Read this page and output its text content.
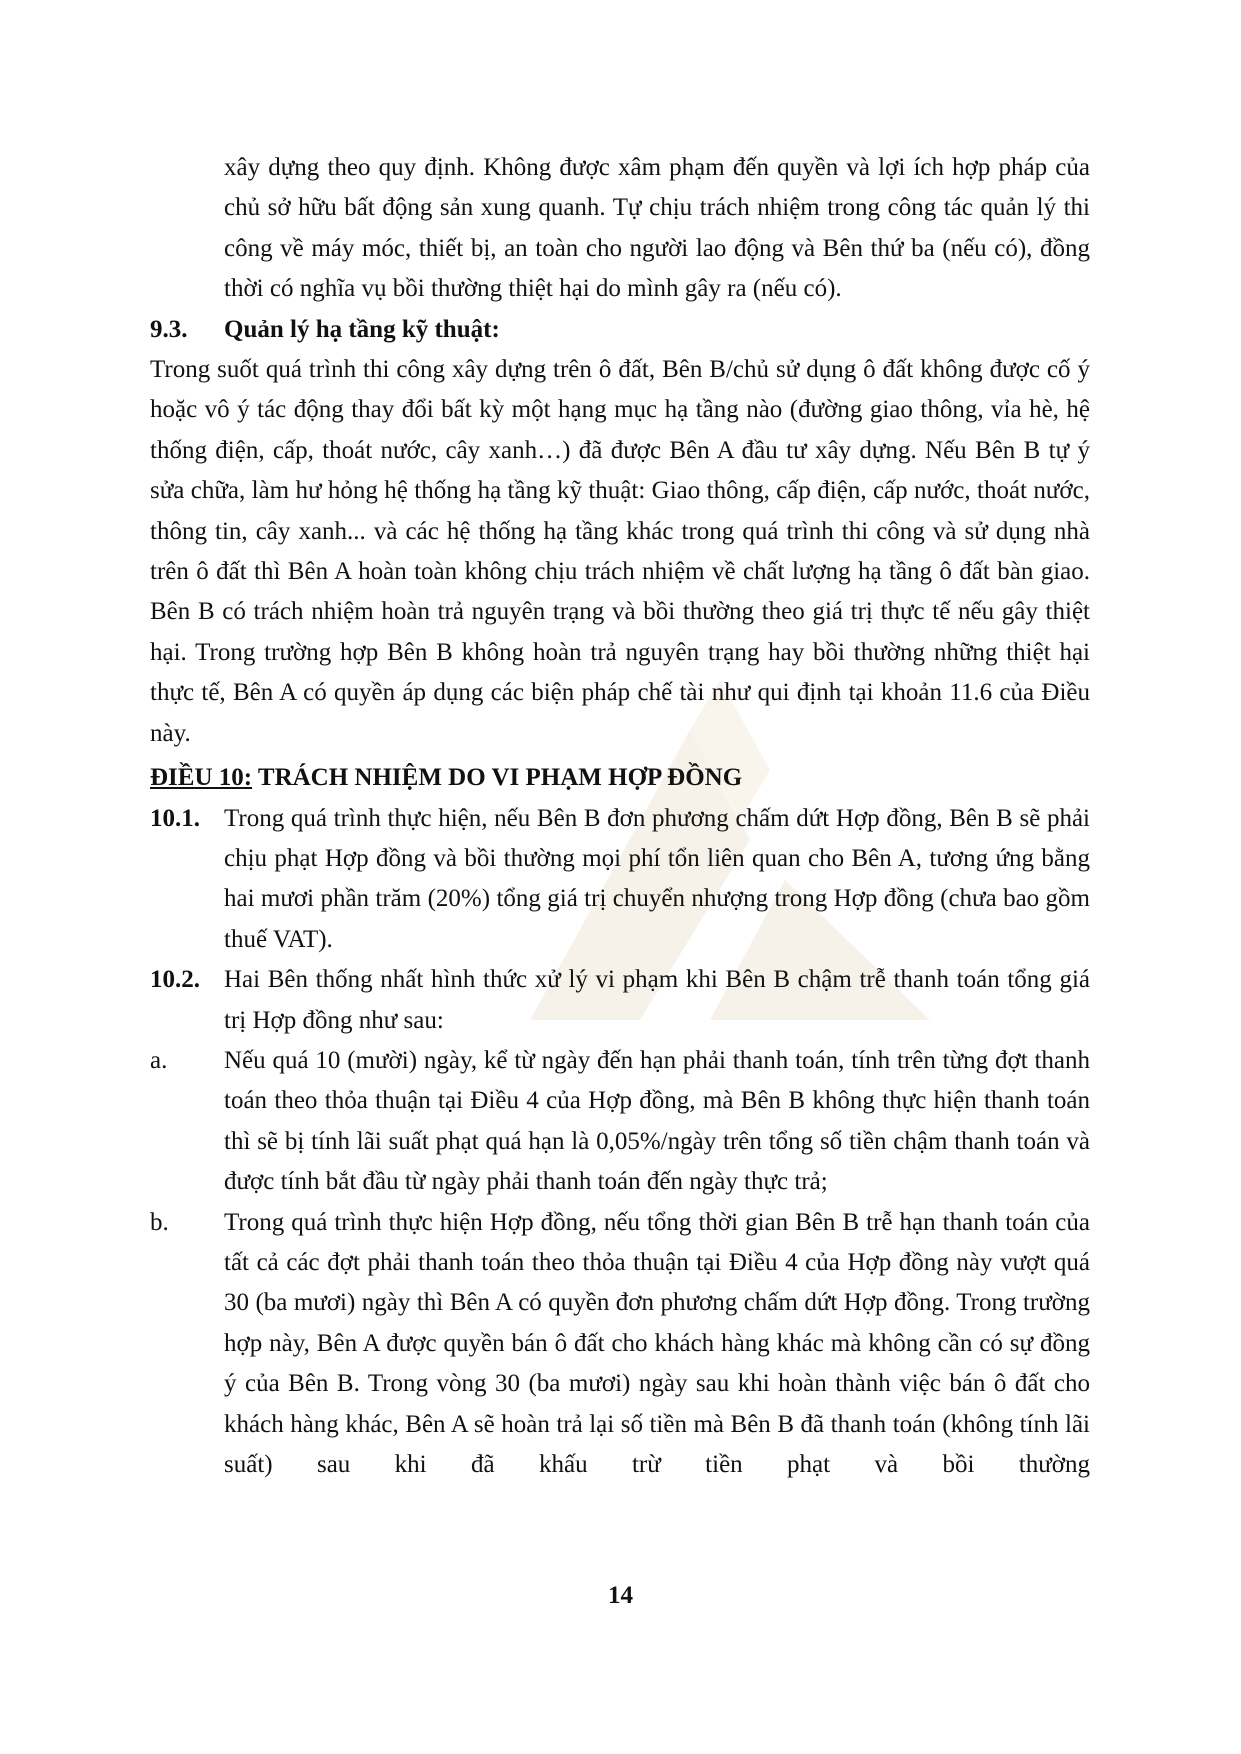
xây dựng theo quy định. Không được xâm phạm đến quyền và lợi ích hợp pháp của chủ sở hữu bất động sản xung quanh. Tự chịu trách nhiệm trong công tác quản lý thi công về máy móc, thiết bị, an toàn cho người lao động và Bên thứ ba (nếu có), đồng thời có nghĩa vụ bồi thường thiệt hại do mình gây ra (nếu có).

9.3.	Quản lý hạ tầng kỹ thuật:

Trong suốt quá trình thi công xây dựng trên ô đất, Bên B/chủ sử dụng ô đất không được cố ý hoặc vô ý tác động thay đổi bất kỳ một hạng mục hạ tầng nào (đường giao thông, vỉa hè, hệ thống điện, cấp, thoát nước, cây xanh…) đã được Bên A đầu tư xây dựng. Nếu Bên B tự ý sửa chữa, làm hư hỏng hệ thống hạ tầng kỹ thuật: Giao thông, cấp điện, cấp nước, thoát nước, thông tin, cây xanh... và các hệ thống hạ tầng khác trong quá trình thi công và sử dụng nhà trên ô đất thì Bên A hoàn toàn không chịu trách nhiệm về chất lượng hạ tầng ô đất bàn giao. Bên B có trách nhiệm hoàn trả nguyên trạng và bồi thường theo giá trị thực tế nếu gây thiệt hại. Trong trường hợp Bên B không hoàn trả nguyên trạng hay bồi thường những thiệt hại thực tế, Bên A có quyền áp dụng các biện pháp chế tài như qui định tại khoản 11.6 của Điều này.

ĐIỀU 10: TRÁCH NHIỆM DO VI PHẠM HỢP ĐỒNG
10.1. Trong quá trình thực hiện, nếu Bên B đơn phương chấm dứt Hợp đồng, Bên B sẽ phải chịu phạt Hợp đồng và bồi thường mọi phí tổn liên quan cho Bên A, tương ứng bằng hai mươi phần trăm (20%) tổng giá trị chuyển nhượng trong Hợp đồng (chưa bao gồm thuế VAT).
10.2. Hai Bên thống nhất hình thức xử lý vi phạm khi Bên B chậm trễ thanh toán tổng giá trị Hợp đồng như sau:
a.	Nếu quá 10 (mười) ngày, kể từ ngày đến hạn phải thanh toán, tính trên từng đợt thanh toán theo thỏa thuận tại Điều 4 của Hợp đồng, mà Bên B không thực hiện thanh toán thì sẽ bị tính lãi suất phạt quá hạn là 0,05%/ngày trên tổng số tiền chậm thanh toán và được tính bắt đầu từ ngày phải thanh toán đến ngày thực trả;
b.	Trong quá trình thực hiện Hợp đồng, nếu tổng thời gian Bên B trễ hạn thanh toán của tất cả các đợt phải thanh toán theo thỏa thuận tại Điều 4 của Hợp đồng này vượt quá 30 (ba mươi) ngày thì Bên A có quyền đơn phương chấm dứt Hợp đồng. Trong trường hợp này, Bên A được quyền bán ô đất cho khách hàng khác mà không cần có sự đồng ý của Bên B. Trong vòng 30 (ba mươi) ngày sau khi hoàn thành việc bán ô đất cho khách hàng khác, Bên A sẽ hoàn trả lại số tiền mà Bên B đã thanh toán (không tính lãi suất) sau khi đã khấu trừ tiền phạt và bồi thường
14
